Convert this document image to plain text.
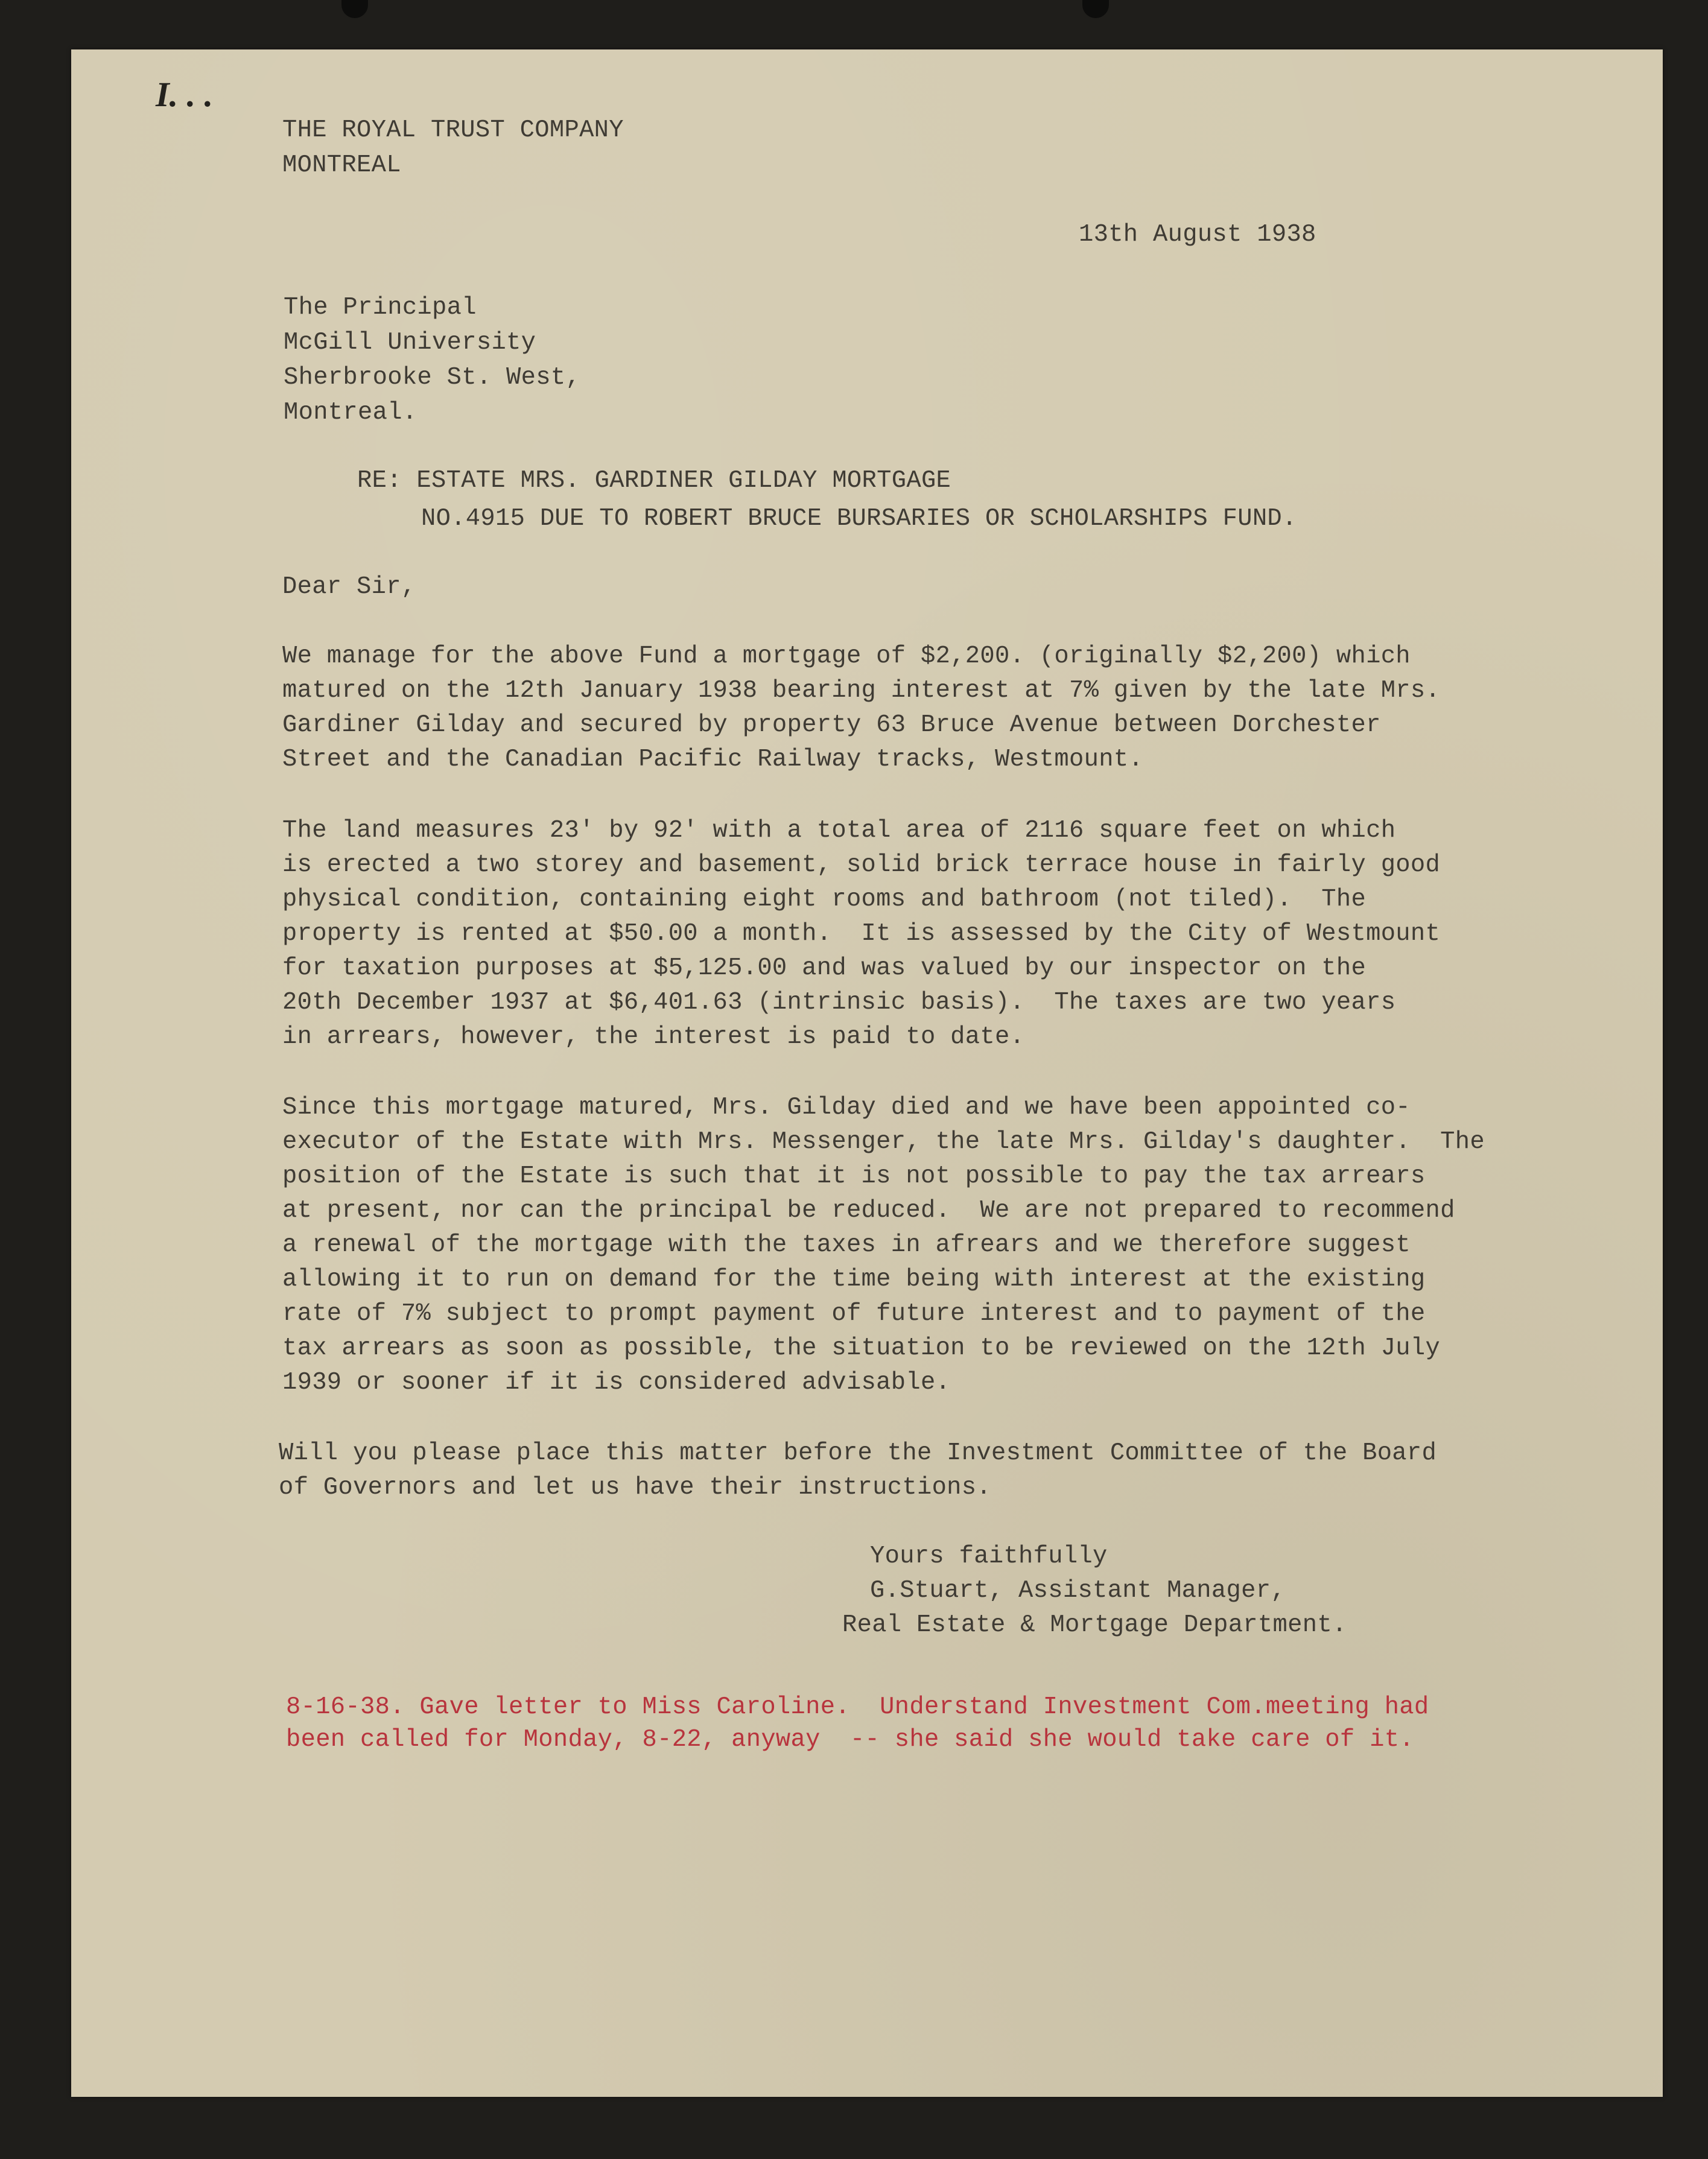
I. . .
THE ROYAL TRUST COMPANY
MONTREAL
13th August 1938
The Principal
McGill University
Sherbrooke St. West,
Montreal.
RE: ESTATE MRS. GARDINER GILDAY MORTGAGE
NO.4915 DUE TO ROBERT BRUCE BURSARIES OR SCHOLARSHIPS FUND.
Dear Sir,
We manage for the above Fund a mortgage of $2,200. (originally $2,200) which
matured on the 12th January 1938 bearing interest at 7% given by the late Mrs.
Gardiner Gilday and secured by property 63 Bruce Avenue between Dorchester
Street and the Canadian Pacific Railway tracks, Westmount.
The land measures 23' by 92' with a total area of 2116 square feet on which
is erected a two storey and basement, solid brick terrace house in fairly good
physical condition, containing eight rooms and bathroom (not tiled).  The
property is rented at $50.00 a month.  It is assessed by the City of Westmount
for taxation purposes at $5,125.00 and was valued by our inspector on the
20th December 1937 at $6,401.63 (intrinsic basis).  The taxes are two years
in arrears, however, the interest is paid to date.
Since this mortgage matured, Mrs. Gilday died and we have been appointed co-
executor of the Estate with Mrs. Messenger, the late Mrs. Gilday's daughter.  The
position of the Estate is such that it is not possible to pay the tax arrears
at present, nor can the principal be reduced.  We are not prepared to recommend
a renewal of the mortgage with the taxes in afrears and we therefore suggest
allowing it to run on demand for the time being with interest at the existing
rate of 7% subject to prompt payment of future interest and to payment of the
tax arrears as soon as possible, the situation to be reviewed on the 12th July
1939 or sooner if it is considered advisable.
Will you please place this matter before the Investment Committee of the Board
of Governors and let us have their instructions.
Yours faithfully
G.Stuart, Assistant Manager,
Real Estate & Mortgage Department.
8-16-38. Gave letter to Miss Caroline.  Understand Investment Com.meeting had
been called for Monday, 8-22, anyway  -- she said she would take care of it.
